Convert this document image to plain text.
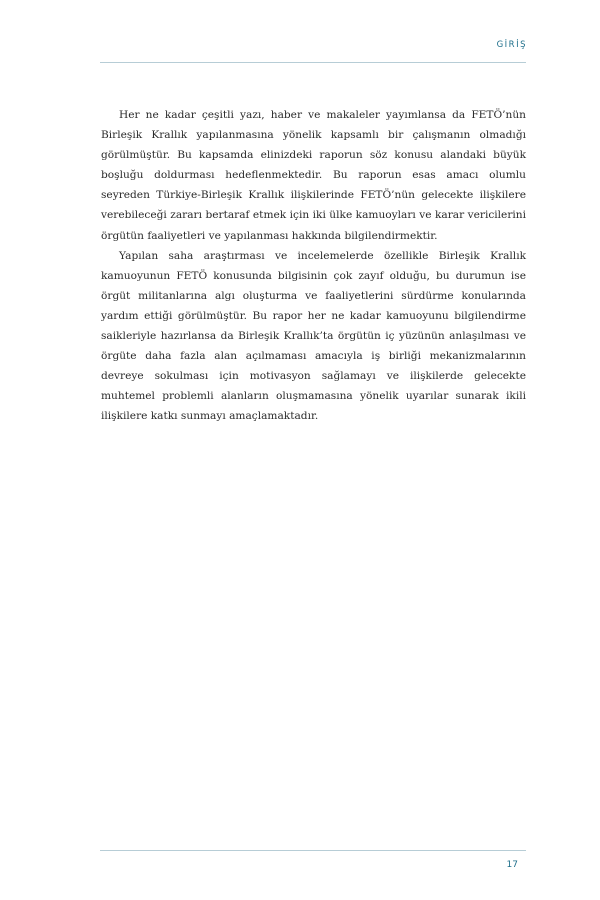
GİRİŞ

Her ne kadar çeşitli yazı, haber ve makaleler yayımlansa da FETÖ’nün Birleşik Krallık yapılanmasına yönelik kapsamlı bir çalışmanın olmadığı görülmüştür. Bu kapsamda elinizdeki raporun söz konusu alandaki büyük boşluğu doldurması hedeflenmektedir. Bu raporun esas amacı olumlu seyreden Türkiye-Birleşik Krallık ilişkilerinde FETÖ’nün gelecekte ilişkilere verebileceği zararı bertaraf etmek için iki ülke kamuoyları ve karar vericilerini örgütün faaliyetleri ve yapılanması hakkında bilgilendirmektir.

Yapılan saha araştırması ve incelemelerde özellikle Birleşik Krallık kamuoyunun FETÖ konusunda bilgisinin çok zayıf olduğu, bu durumun ise örgüt militanlarına algı oluşturma ve faaliyetlerini sürdürme konularında yardım ettiği görülmüştür. Bu rapor her ne kadar kamuoyunu bilgilendirme saikleriyle hazırlansa da Birleşik Krallık’ta örgütün iç yüzünün anlaşılması ve örgüte daha fazla alan açılmaması amacıyla iş birliği mekanizmalarının devreye sokulması için motivasyon sağlamayı ve ilişkilerde gelecekte muhtemel problemli alanların oluşmamasına yönelik uyarılar sunarak ikili ilişkilere katkı sunmayı amaçlamaktadır.

17
